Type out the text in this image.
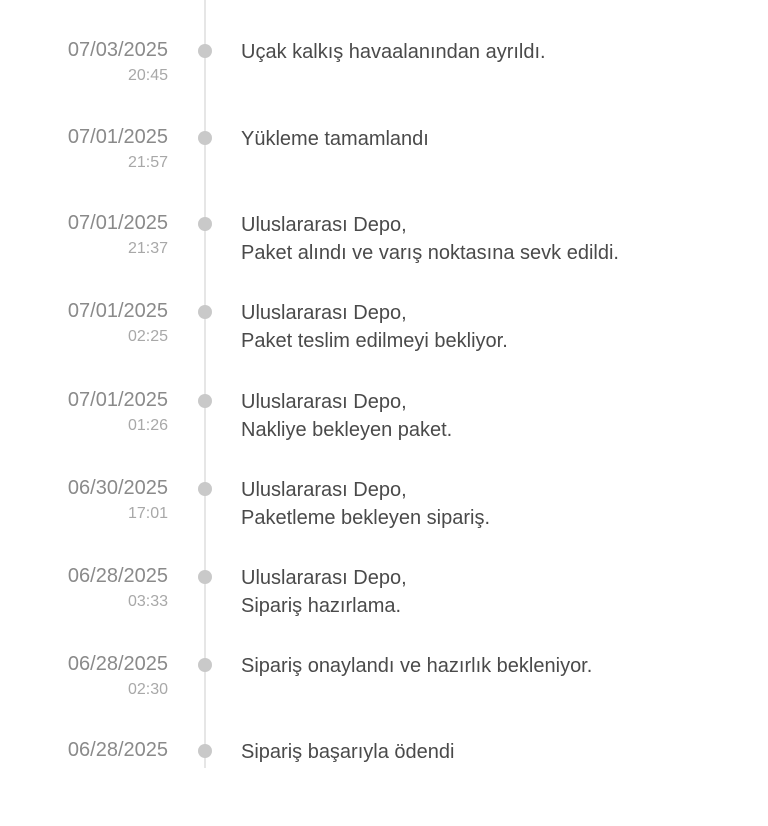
07/03/2025
20:45
Uçak kalkış havaalanından ayrıldı.
07/01/2025
21:57
Yükleme tamamlandı
07/01/2025
21:37
Uluslararası Depo,
Paket alındı ve varış noktasına sevk edildi.
07/01/2025
02:25
Uluslararası Depo,
Paket teslim edilmeyi bekliyor.
07/01/2025
01:26
Uluslararası Depo,
Nakliye bekleyen paket.
06/30/2025
17:01
Uluslararası Depo,
Paketleme bekleyen sipariş.
06/28/2025
03:33
Uluslararası Depo,
Sipariş hazırlama.
06/28/2025
02:30
Sipariş onaylandı ve hazırlık bekleniyor.
06/28/2025	Sipariş başarıyla ödendi
